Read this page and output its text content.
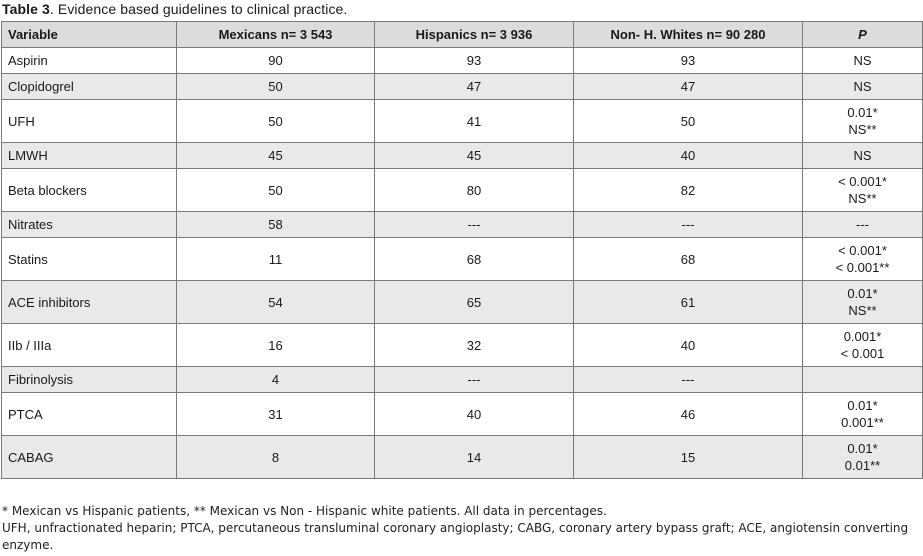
Table 3. Evidence based guidelines to clinical practice.
Variable	Mexicans n= 3 543	Hispanics n= 3 936	Non- H. Whites n= 90 280	P
Aspirin	90	93	93	NS

Clopidogrel	50	47	47	NS

UFH	50	41	50	0.01*
NS**

LMWH	45	45	40	NS

Beta blockers	50	80	82	< 0.001*
NS**

Nitrates	58	---	---	---

Statins	11	68	68	< 0.001*
< 0.001**

ACE inhibitors	54	65	61	0.01*
NS**

IIb / IIIa	16	32	40	0.001*
< 0.001

Fibrinolysis	4	---	---	
PTCA	31	40	46	0.01*
0.001**

CABAG	8	14	15	0.01*
0.01**

* Mexican vs Hispanic patients, ** Mexican vs Non - Hispanic white patients. All data in percentages.

UFH, unfractionated heparin; PTCA, percutaneous transluminal coronary angioplasty; CABG, coronary artery bypass graft; ACE, angiotensin converting enzyme.
